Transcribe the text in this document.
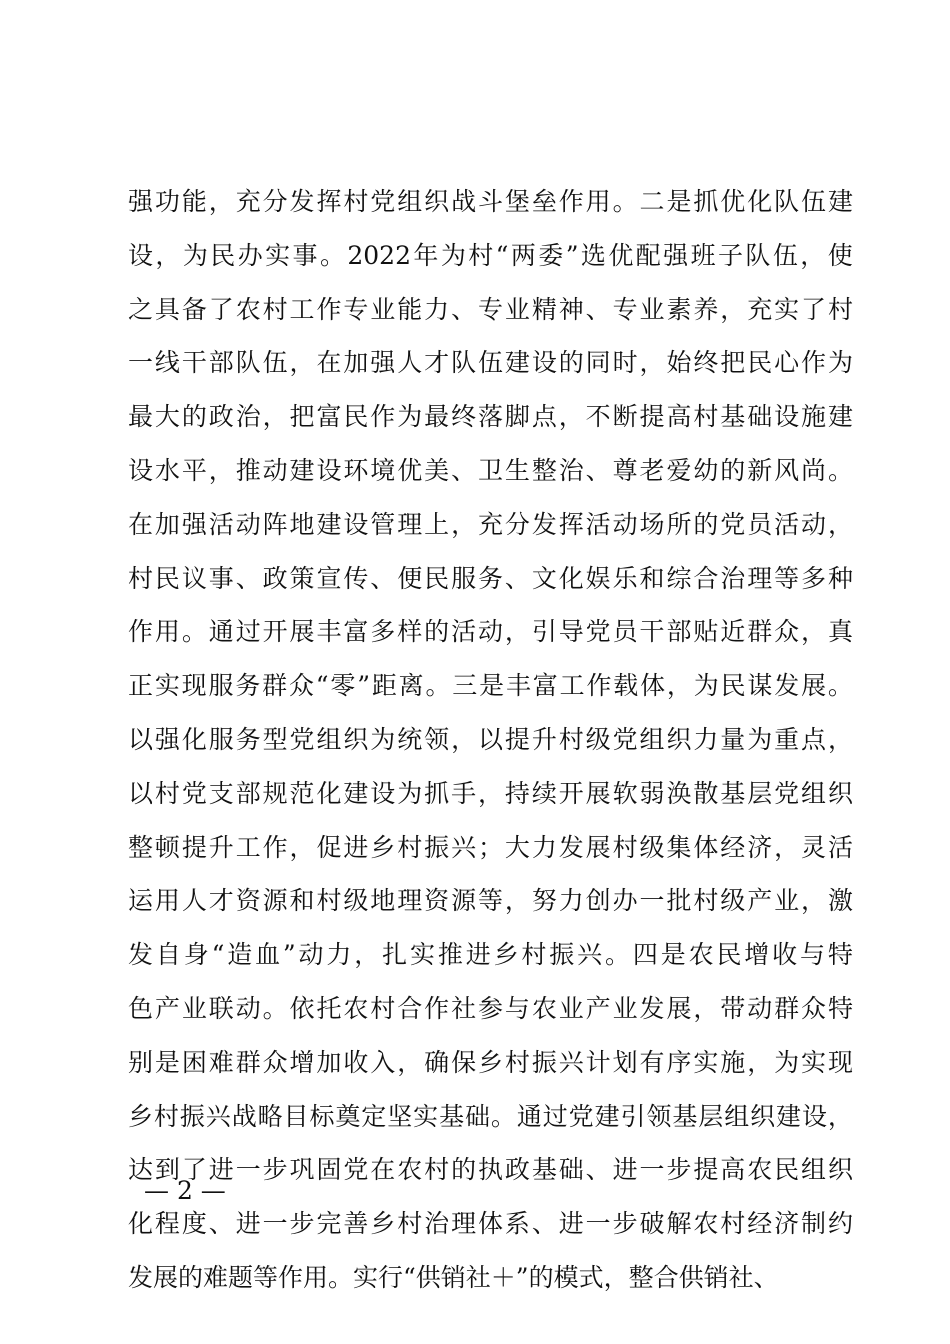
强 功 能 ， 充 分 发 挥 村 党 组 织 战 斗 堡 垒 作 用 。 二 是 抓 优 化 队 伍 建
设 ， 为 民 办 实 事 。 2022 年 为 村 “ 两 委 ” 选 优 配 强 班 子 队 伍 ， 使
之 具 备 了 农 村 工 作 专 业 能 力 、 专 业 精 神 、 专 业 素 养 ， 充 实 了 村
一 线 干 部 队 伍 ， 在 加 强 人 才 队 伍 建 设 的 同 时 ， 始 终 把 民 心 作 为
最 大 的 政 治 ， 把 富 民 作 为 最 终 落 脚 点 ， 不 断 提 高 村 基 础 设 施 建
设 水 平 ， 推 动 建 设 环 境 优 美 、 卫 生 整 治 、 尊 老 爱 幼 的 新 风 尚 。
在 加 强 活 动 阵 地 建 设 管 理 上 ， 充 分 发 挥 活 动 场 所 的 党 员 活 动 ，
村 民 议 事 、 政 策 宣 传 、 便 民 服 务 、 文 化 娱 乐 和 综 合 治 理 等 多 种
作 用 。 通 过 开 展 丰 富 多 样 的 活 动 ， 引 导 党 员 干 部 贴 近 群 众 ， 真
正 实 现 服 务 群 众 “ 零 ” 距 离 。 三 是 丰 富 工 作 载 体 ， 为 民 谋 发 展 。
以 强 化 服 务 型 党 组 织 为 统 领 ， 以 提 升 村 级 党 组 织 力 量 为 重 点 ，
以 村 党 支 部 规 范 化 建 设 为 抓 手 ， 持 续 开 展 软 弱 涣 散 基 层 党 组 织
整 顿 提 升 工 作 ， 促 进 乡 村 振 兴 ； 大 力 发 展 村 级 集 体 经 济 ， 灵 活
运 用 人 才 资 源 和 村 级 地 理 资 源 等 ， 努 力 创 办 一 批 村 级 产 业 ， 激
发 自 身 “ 造 血 ” 动 力 ， 扎 实 推 进 乡 村 振 兴 。 四 是 农 民 增 收 与 特
色 产 业 联 动 。 依 托 农 村 合 作 社 参 与 农 业 产 业 发 展 ， 带 动 群 众 特
别 是 困 难 群 众 增 加 收 入 ， 确 保 乡 村 振 兴 计 划 有 序 实 施 ， 为 实 现
乡 村 振 兴 战 略 目 标 奠 定 坚 实 基 础 。 通 过 党 建 引 领 基 层 组 织 建 设 ，
达 到 了 进 一 步 巩 固 党 在 农 村 的 执 政 基 础 、 进 一 步 提 高 农 民 组 织
化 程 度 、 进 一 步 完 善 乡 村 治 理 体 系 、 进 一 步 破 解 农 村 经 济 制 约
发展的难题等作用。实行“供销社＋”的模式，整合供销社、
— 2 —
